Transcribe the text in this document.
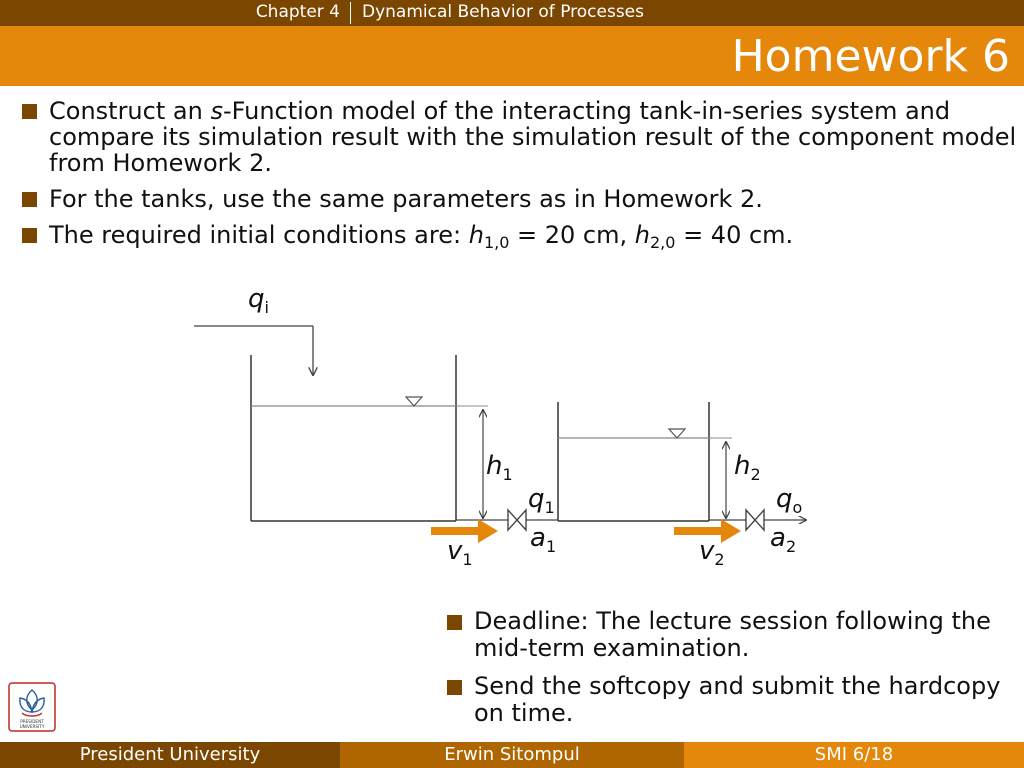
Chapter 4 Dynamical Behavior of Processes
Homework 6
Construct an s-Function model of the interacting tank-in-series system and compare its simulation result with the simulation result of the component model from Homework 2.
For the tanks, use the same parameters as in Homework 2.
The required initial conditions are: $h_{1,0} = 20$ cm, $h_{2,0} = 40$ cm.
$q_i$
$h_1$	$h_2$
$q_1$	$q_o$
$a_1$	$a_2$
$v_1$	$v_2$
Deadline: The lecture session following the mid-term examination.
Send the softcopy and submit the hardcopy on time.
PRESIDENT
UNIVERSITY
President University	Erwin Sitompul	SMI 6/18
